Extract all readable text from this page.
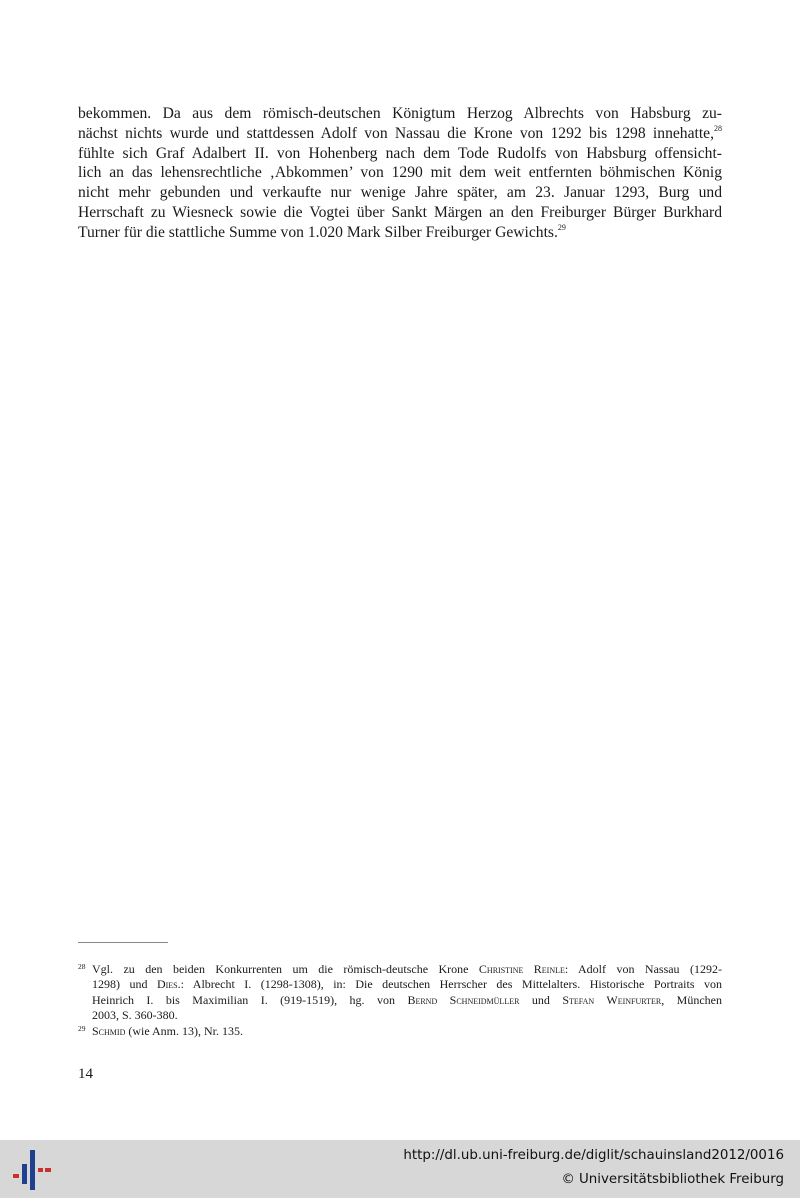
bekommen. Da aus dem römisch-deutschen Königtum Herzog Albrechts von Habsburg zu-
nächst nichts wurde und stattdessen Adolf von Nassau die Krone von 1292 bis 1298 innehatte,$^{28}$
fühlte sich Graf Adalbert II. von Hohenberg nach dem Tode Rudolfs von Habsburg offensicht-
lich an das lehensrechtliche ‚Abkommen’ von 1290 mit dem weit entfernten böhmischen König
nicht mehr gebunden und verkaufte nur wenige Jahre später, am 23. Januar 1293, Burg und
Herrschaft zu Wiesneck sowie die Vogtei über Sankt Märgen an den Freiburger Bürger Burkhard
Turner für die stattliche Summe von 1.020 Mark Silber Freiburger Gewichts.$^{29}$
28 Vgl. zu den beiden Konkurrenten um die römisch-deutsche Krone Christine Reinle: Adolf von Nassau (1292-
1298) und Dies.: Albrecht I. (1298-1308), in: Die deutschen Herrscher des Mittelalters. Historische Portraits von
Heinrich I. bis Maximilian I. (919-1519), hg. von Bernd Schneidmüller und Stefan Weinfurter, München
2003, S. 360-380.
29 Schmid (wie Anm. 13), Nr. 135.
14
http://dl.ub.uni-freiburg.de/diglit/schauinsland2012/0016
© Universitätsbibliothek Freiburg
